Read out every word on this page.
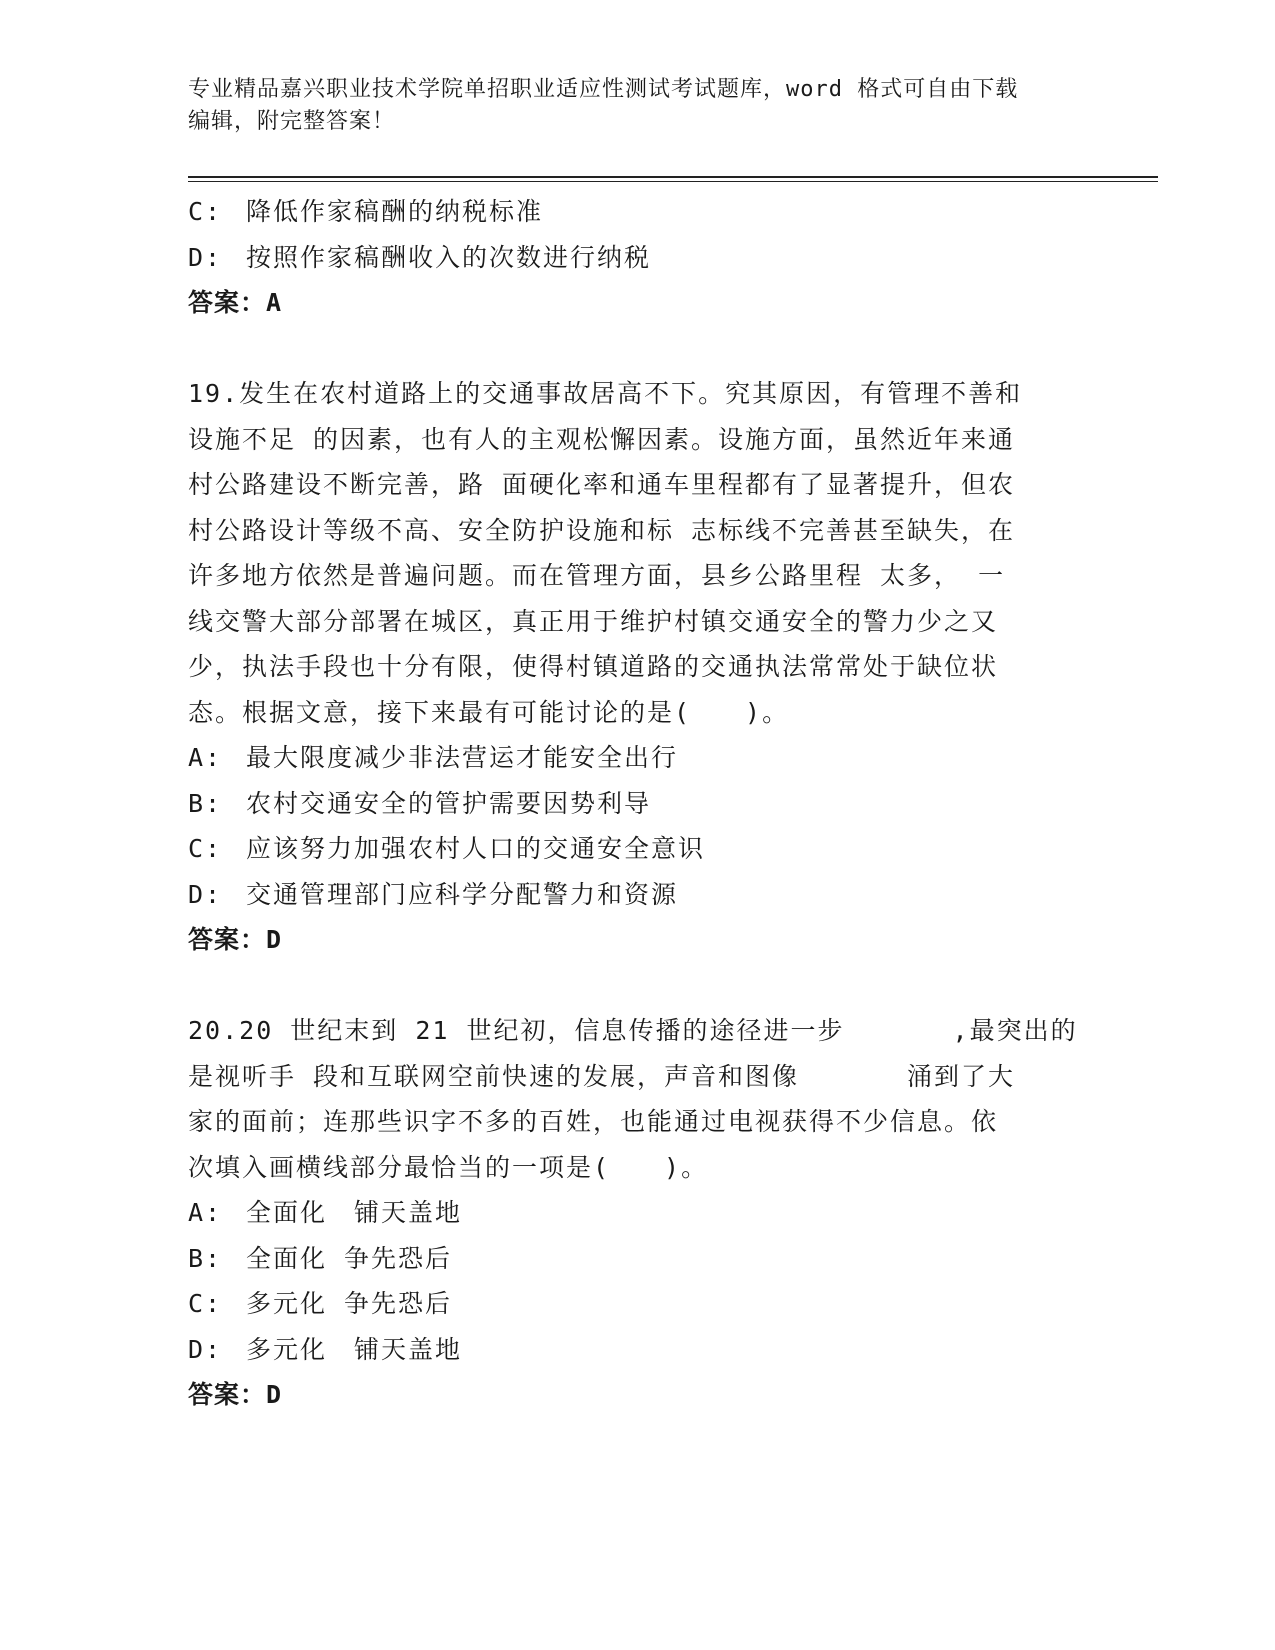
专业精品嘉兴职业技术学院单招职业适应性测试考试题库，word 格式可自由下载
编辑，附完整答案！
C: 降低作家稿酬的纳税标准
D: 按照作家稿酬收入的次数进行纳税
答案：A
19.发生在农村道路上的交通事故居高不下。究其原因，有管理不善和
设施不足 的因素，也有人的主观松懈因素。设施方面，虽然近年来通
村公路建设不断完善，路 面硬化率和通车里程都有了显著提升，但农
村公路设计等级不高、安全防护设施和标 志标线不完善甚至缺失，在
许多地方依然是普遍问题。而在管理方面，县乡公路里程 太多， 一
线交警大部分部署在城区，真正用于维护村镇交通安全的警力少之又
少，执法手段也十分有限，使得村镇道路的交通执法常常处于缺位状
态。根据文意，接下来最有可能讨论的是(　　)。
A: 最大限度减少非法营运才能安全出行
B: 农村交通安全的管护需要因势利导
C: 应该努力加强农村人口的交通安全意识
D: 交通管理部门应科学分配警力和资源
答案：D
20.20 世纪末到 21 世纪初，信息传播的途径进一步　　　　,最突出的
是视听手 段和互联网空前快速的发展，声音和图像　　　　涌到了大
家的面前；连那些识字不多的百姓，也能通过电视获得不少信息。依
次填入画横线部分最恰当的一项是(　　)。
A: 全面化　铺天盖地
B: 全面化 争先恐后
C: 多元化 争先恐后
D: 多元化　铺天盖地
答案：D
